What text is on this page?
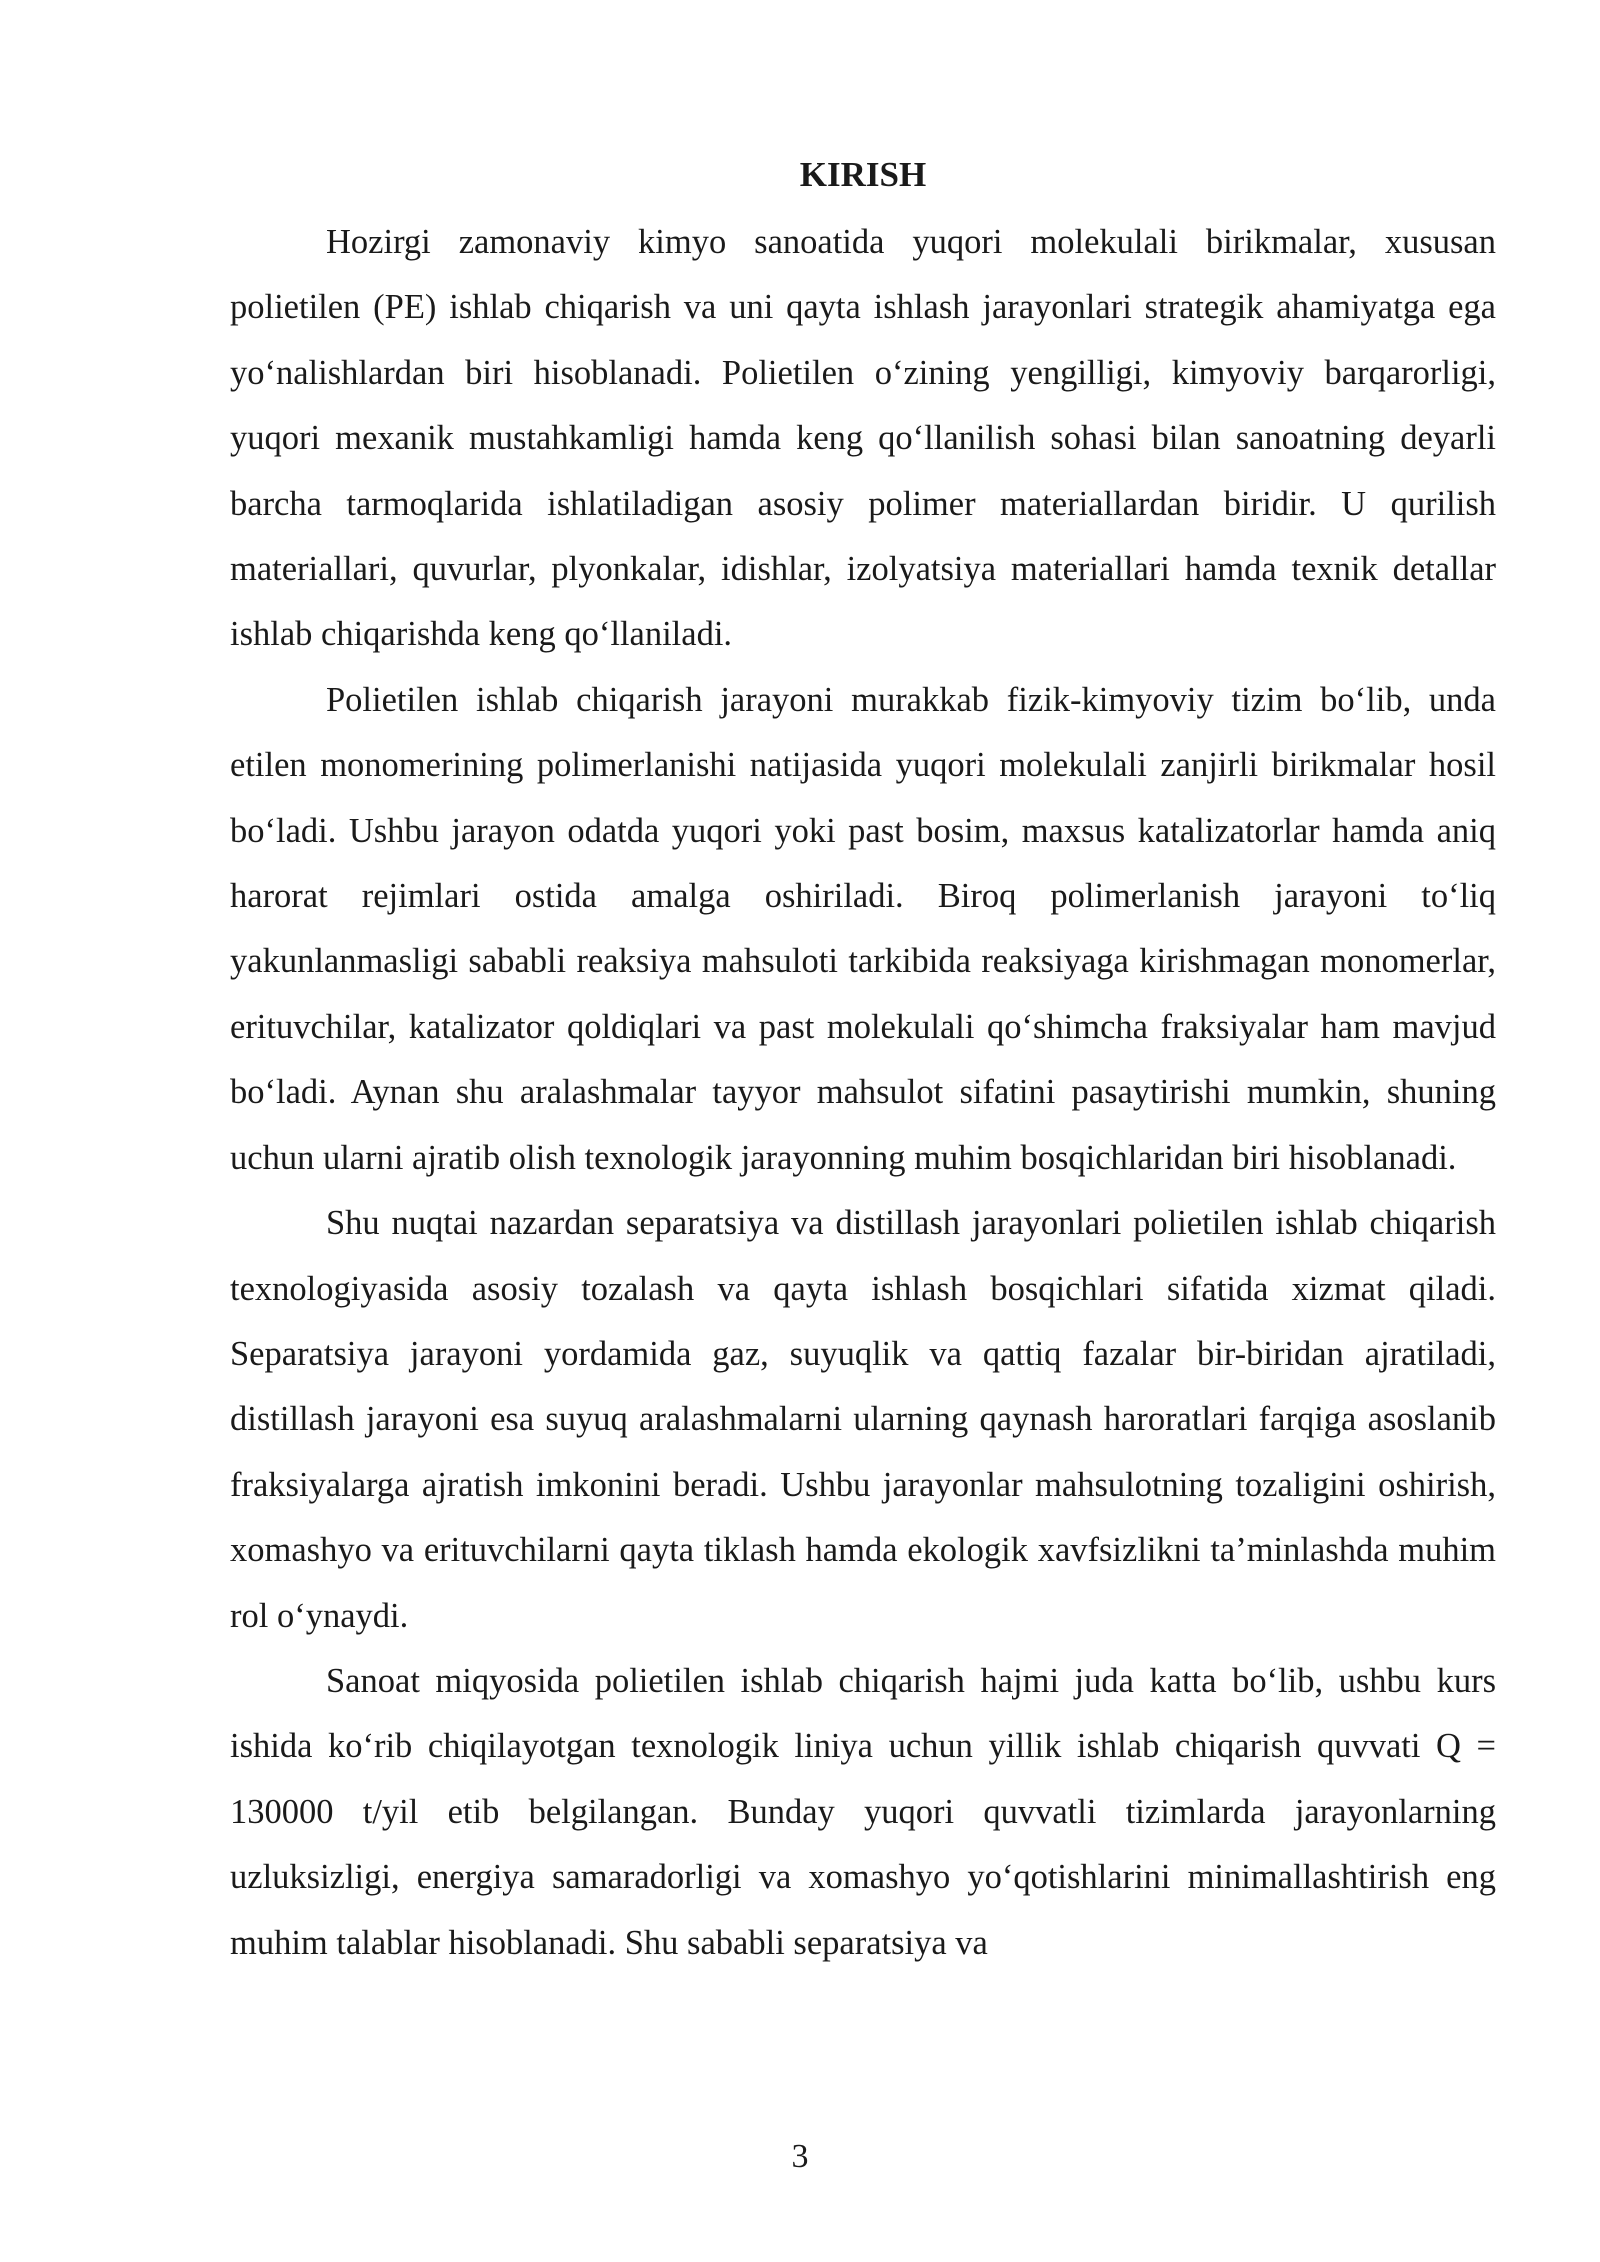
KIRISH

Hozirgi zamonaviy kimyo sanoatida yuqori molekulali birikmalar, xususan polietilen (PE) ishlab chiqarish va uni qayta ishlash jarayonlari strategik ahamiyatga ega yo‘nalishlardan biri hisoblanadi. Polietilen o‘zining yengilligi, kimyoviy barqarorligi, yuqori mexanik mustahkamligi hamda keng qo‘llanilish sohasi bilan sanoatning deyarli barcha tarmoqlarida ishlatiladigan asosiy polimer materiallardan biridir. U qurilish materiallari, quvurlar, plyonkalar, idishlar, izolyatsiya materiallari hamda texnik detallar ishlab chiqarishda keng qo‘llaniladi.

Polietilen ishlab chiqarish jarayoni murakkab fizik-kimyoviy tizim bo‘lib, unda etilen monomerining polimerlanishi natijasida yuqori molekulali zanjirli birikmalar hosil bo‘ladi. Ushbu jarayon odatda yuqori yoki past bosim, maxsus katalizatorlar hamda aniq harorat rejimlari ostida amalga oshiriladi. Biroq polimerlanish jarayoni to‘liq yakunlanmasligi sababli reaksiya mahsuloti tarkibida reaksiyaga kirishmagan monomerlar, erituvchilar, katalizator qoldiqlari va past molekulali qo‘shimcha fraksiyalar ham mavjud bo‘ladi. Aynan shu aralashmalar tayyor mahsulot sifatini pasaytirishi mumkin, shuning uchun ularni ajratib olish texnologik jarayonning muhim bosqichlaridan biri hisoblanadi.

Shu nuqtai nazardan separatsiya va distillash jarayonlari polietilen ishlab chiqarish texnologiyasida asosiy tozalash va qayta ishlash bosqichlari sifatida xizmat qiladi. Separatsiya jarayoni yordamida gaz, suyuqlik va qattiq fazalar bir-biridan ajratiladi, distillash jarayoni esa suyuq aralashmalarni ularning qaynash haroratlari farqiga asoslanib fraksiyalarga ajratish imkonini beradi. Ushbu jarayonlar mahsulotning tozaligini oshirish, xomashyo va erituvchilarni qayta tiklash hamda ekologik xavfsizlikni ta’minlashda muhim rol o‘ynaydi.

Sanoat miqyosida polietilen ishlab chiqarish hajmi juda katta bo‘lib, ushbu kurs ishida ko‘rib chiqilayotgan texnologik liniya uchun yillik ishlab chiqarish quvvati Q = 130000 t/yil etib belgilangan. Bunday yuqori quvvatli tizimlarda jarayonlarning uzluksizligi, energiya samaradorligi va xomashyo yo‘qotishlarini minimallashtirish eng muhim talablar hisoblanadi. Shu sababli separatsiya va

3
